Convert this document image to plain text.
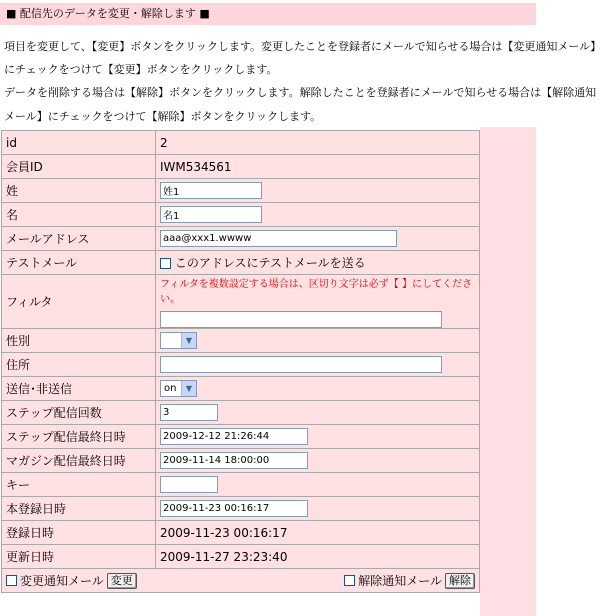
■ 配信先のデータを変更・解除します ■
項目を変更して、【変更】ボタンをクリックします。変更したことを登録者にメールで知らせる場合は【変更通知メール】
にチェックをつけて【変更】ボタンをクリックします。
データを削除する場合は【解除】ボタンをクリックします。解除したことを登録者にメールで知らせる場合は【解除通知
メール】にチェックをつけて【解除】ボタンをクリックします。
id	2
会員ID	IWM534561
姓	姓1
名	名1
メールアドレス	aaa@xxx1.wwww
テストメール	このアドレスにテストメールを送る
フィルタ	フィルタを複数設定する場合は、区切り文字は必ず【 】にしてください。

性別	▼

住所	
送信･非送信	on ▼

ステップ配信回数	3
ステップ配信最終日時	2009-12-12 21:26:44
マガジン配信最終日時	2009-11-14 18:00:00
キー	
本登録日時	2009-11-23 00:16:17
登録日時	2009-11-23 00:16:17
更新日時	2009-11-27 23:23:40

変更通知メール 変更 解除通知メール 解除	
